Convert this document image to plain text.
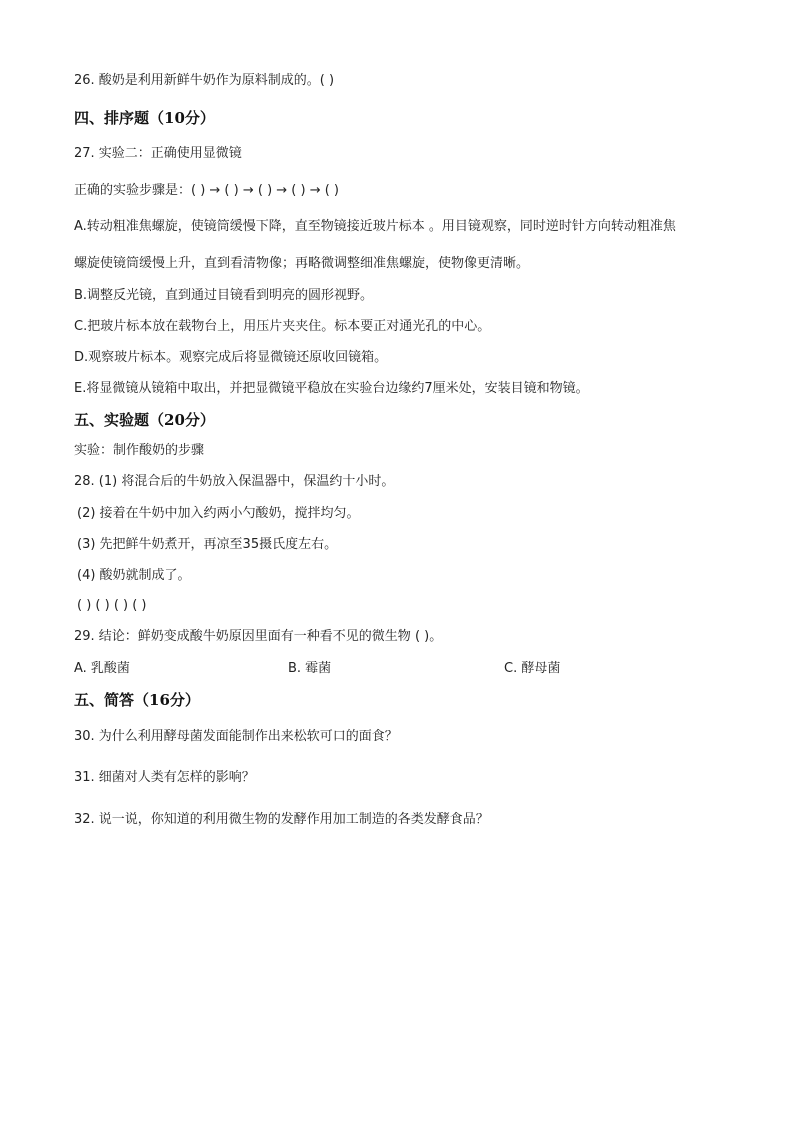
26. 酸奶是利用新鲜牛奶作为原料制成的。( )
四、排序题（10分）
27. 实验二：正确使用显微镜
正确的实验步骤是：( ) → ( ) → ( ) → ( ) → ( )
A.转动粗准焦螺旋，使镜筒缓慢下降，直至物镜接近玻片标本 。用目镜观察，同时逆时针方向转动粗准焦
螺旋使镜筒缓慢上升，直到看清物像；再略微调整细准焦螺旋，使物像更清晰。
B.调整反光镜，直到通过目镜看到明亮的圆形视野。
C.把玻片标本放在载物台上，用压片夹夹住。标本要正对通光孔的中心。
D.观察玻片标本。观察完成后将显微镜还原收回镜箱。
E.将显微镜从镜箱中取出，并把显微镜平稳放在实验台边缘约7厘米处，安装目镜和物镜。
五、实验题（20分）
实验：制作酸奶的步骤
28. (1) 将混合后的牛奶放入保温器中，保温约十小时。
(2) 接着在牛奶中加入约两小勺酸奶，搅拌均匀。
(3) 先把鲜牛奶煮开，再凉至35摄氏度左右。
(4) 酸奶就制成了。
( ) ( ) ( ) ( )
29. 结论：鲜奶变成酸牛奶原因里面有一种看不见的微生物 ( )。
A. 乳酸菌	B. 霉菌	C. 酵母菌
五、简答（16分）
30. 为什么利用酵母菌发面能制作出来松软可口的面食？
31. 细菌对人类有怎样的影响？
32. 说一说，你知道的利用微生物的发酵作用加工制造的各类发酵食品？
